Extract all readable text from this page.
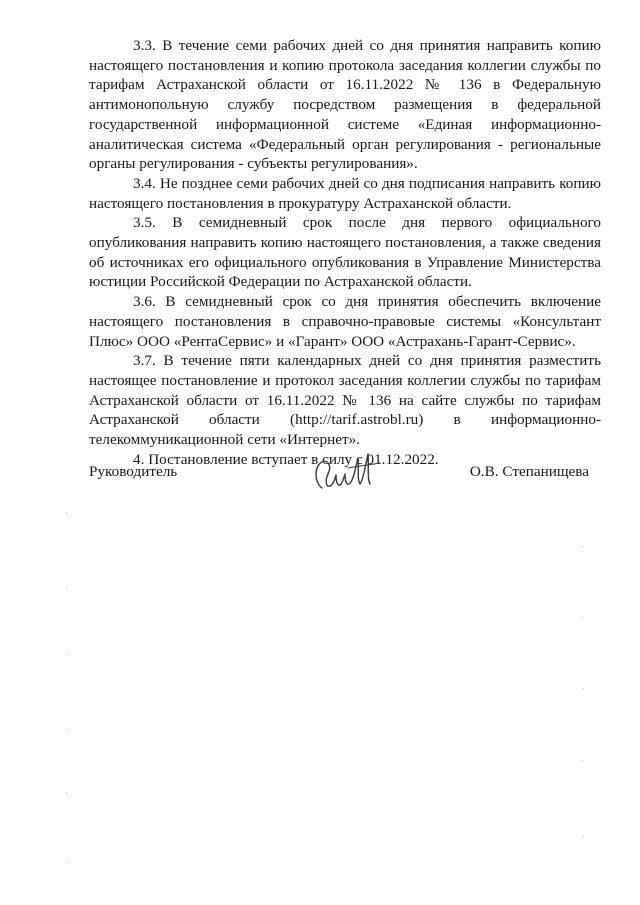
3.3. В течение семи рабочих дней со дня принятия направить копию настоящего постановления и копию протокола заседания коллегии службы по тарифам Астраханской области от 16.11.2022 № 136 в Федеральную антимонопольную службу посредством размещения в федеральной государственной информационной системе «Единая информационно-аналитическая система «Федеральный орган регулирования - региональные органы регулирования - субъекты регулирования».

3.4. Не позднее семи рабочих дней со дня подписания направить копию настоящего постановления в прокуратуру Астраханской области.

3.5. В семидневный срок после дня первого официального опубликования направить копию настоящего постановления, а также сведения об источниках его официального опубликования в Управление Министерства юстиции Российской Федерации по Астраханской области.

3.6. В семидневный срок со дня принятия обеспечить включение настоящего постановления в справочно-правовые системы «Консультант Плюс» ООО «РентаСервис» и «Гарант» ООО «Астрахань-Гарант-Сервис».

3.7. В течение пяти календарных дней со дня принятия разместить настоящее постановление и протокол заседания коллегии службы по тарифам Астраханской области от 16.11.2022 № 136 на сайте службы по тарифам Астраханской области (http://tarif.astrobl.ru) в информационно-телекоммуникационной сети «Интернет».

4. Постановление вступает в силу с 01.12.2022.

Руководитель	О.В. Степанищева
